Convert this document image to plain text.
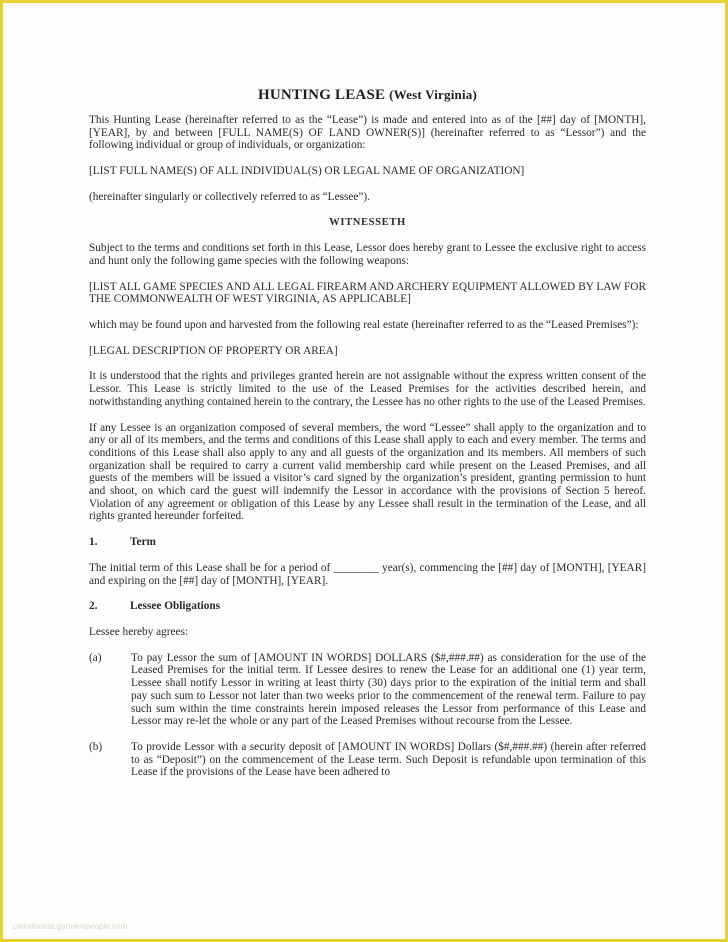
HUNTING LEASE (West Virginia)

This Hunting Lease (hereinafter referred to as the “Lease”) is made and entered into as of the [##] day of [MONTH], [YEAR], by and between [FULL NAME(S) OF LAND OWNER(S)] (hereinafter referred to as “Lessor”) and the following individual or group of individuals, or organization:

[LIST FULL NAME(S) OF ALL INDIVIDUAL(S) OR LEGAL NAME OF ORGANIZATION]

(hereinafter singularly or collectively referred to as “Lessee”).

WITNESSETH

Subject to the terms and conditions set forth in this Lease, Lessor does hereby grant to Lessee the exclusive right to access and hunt only the following game species with the following weapons:

[LIST ALL GAME SPECIES AND ALL LEGAL FIREARM AND ARCHERY EQUIPMENT ALLOWED BY LAW FOR THE COMMONWEALTH OF WEST VIRGINIA, AS APPLICABLE]

which may be found upon and harvested from the following real estate (hereinafter referred to as the “Leased Premises”):

[LEGAL DESCRIPTION OF PROPERTY OR AREA]

It is understood that the rights and privileges granted herein are not assignable without the express written consent of the Lessor. This Lease is strictly limited to the use of the Leased Premises for the activities described herein, and notwithstanding anything contained herein to the contrary, the Lessee has no other rights to the use of the Leased Premises.

If any Lessee is an organization composed of several members, the word “Lessee” shall apply to the organization and to any or all of its members, and the terms and conditions of this Lease shall apply to each and every member. The terms and conditions of this Lease shall also apply to any and all guests of the organization and its members. All members of such organization shall be required to carry a current valid membership card while present on the Leased Premises, and all guests of the members will be issued a visitor’s card signed by the organization’s president, granting permission to hunt and shoot, on which card the guest will indemnify the Lessor in accordance with the provisions of Section 5 hereof. Violation of any agreement or obligation of this Lease by any Lessee shall result in the termination of the Lease, and all rights granted hereunder forfeited.

1.	Term

The initial term of this Lease shall be for a period of ________ year(s), commencing the [##] day of [MONTH], [YEAR] and expiring on the [##] day of [MONTH], [YEAR].

2.	Lessee Obligations

Lessee hereby agrees:

(a)	To pay Lessor the sum of [AMOUNT IN WORDS] DOLLARS ($#,###.##) as consideration for the use of the Leased Premises for the initial term. If Lessee desires to renew the Lease for an additional one (1) year term, Lessee shall notify Lessor in writing at least thirty (30) days prior to the expiration of the initial term and shall pay such sum to Lessor not later than two weeks prior to the commencement of the renewal term. Failure to pay such sum within the time constraints herein imposed releases the Lessor from performance of this Lease and Lessor may re-let the whole or any part of the Leased Premises without recourse from the Lessee.
(b)	To provide Lessor with a security deposit of [AMOUNT IN WORDS] Dollars ($#,###.##) (herein after referred to as “Deposit”) on the commencement of the Lease term. Such Deposit is refundable upon termination of this Lease if the provisions of the Lease have been adhered to
cielodorada.garmentpeople.com
